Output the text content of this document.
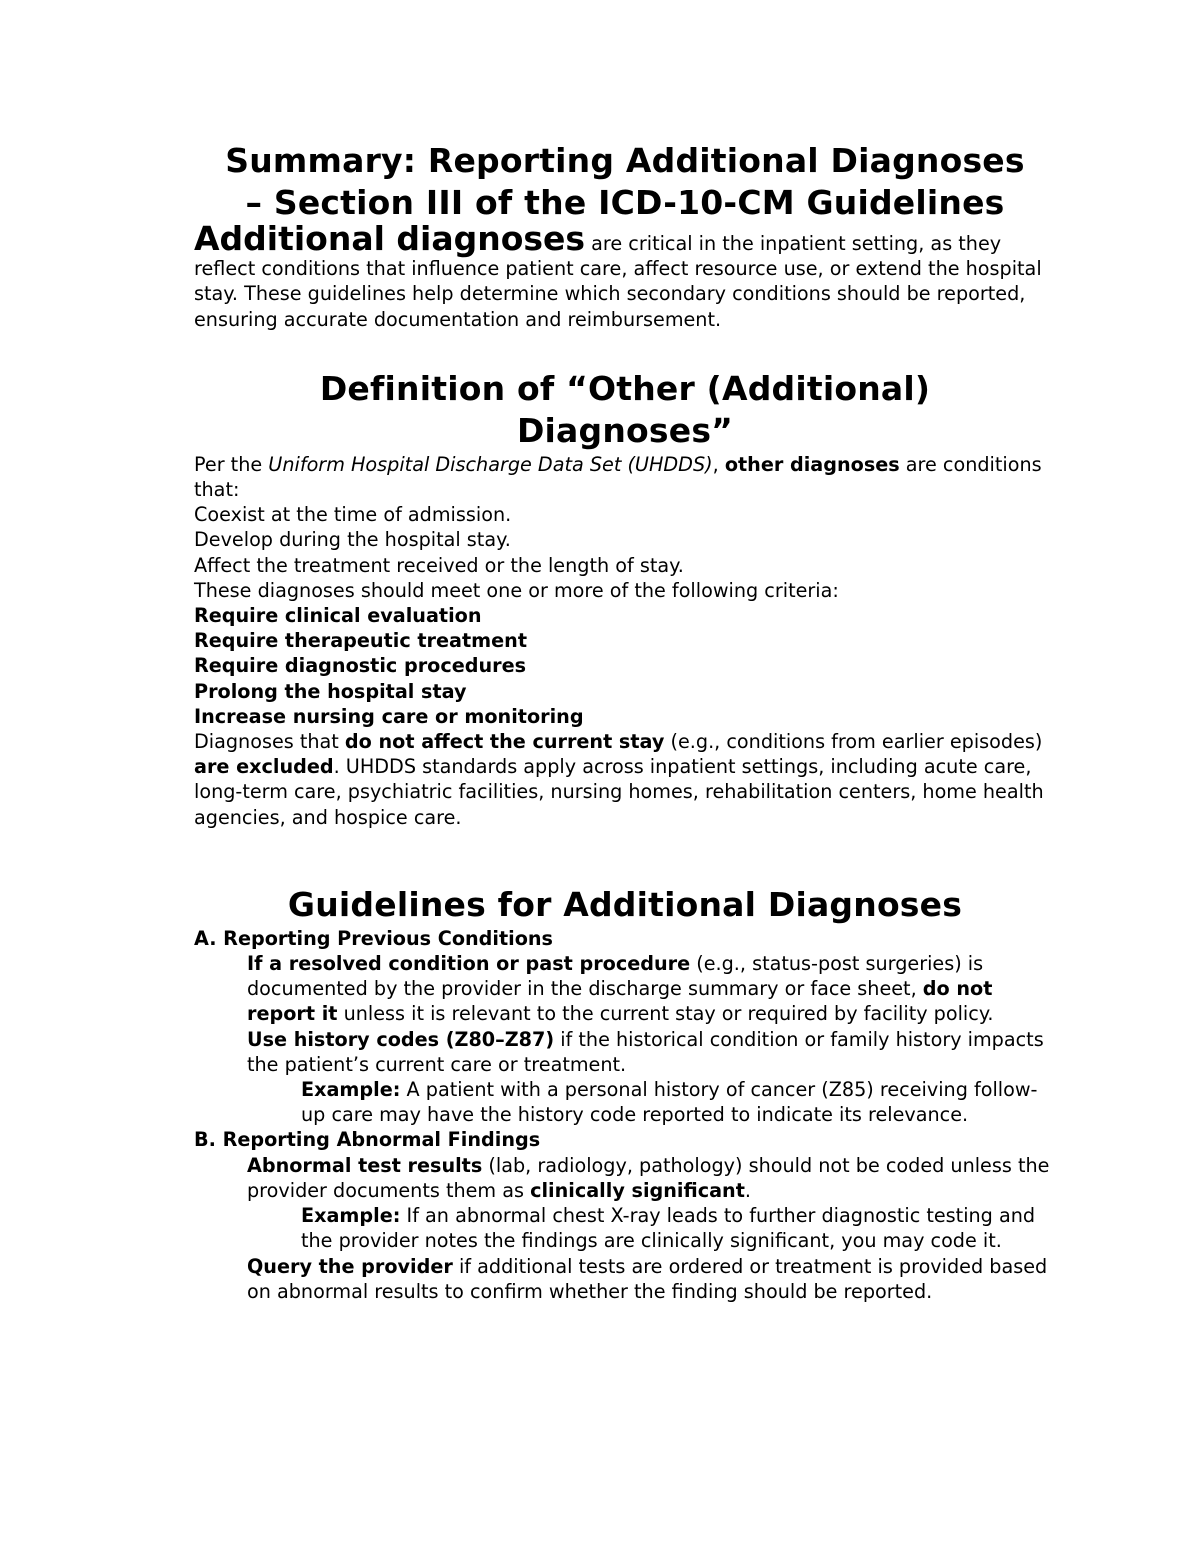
Summary: Reporting Additional Diagnoses
– Section III of the ICD-10-CM Guidelines

Additional diagnoses are critical in the inpatient setting, as they reflect conditions that influence patient care, affect resource use, or extend the hospital stay. These guidelines help determine which secondary conditions should be reported, ensuring accurate documentation and reimbursement.

Definition of “Other (Additional)
Diagnoses”

Per the Uniform Hospital Discharge Data Set (UHDDS), other diagnoses are conditions that:

Coexist at the time of admission.
Develop during the hospital stay.
Affect the treatment received or the length of stay.

These diagnoses should meet one or more of the following criteria:

Require clinical evaluation
Require therapeutic treatment
Require diagnostic procedures
Prolong the hospital stay
Increase nursing care or monitoring

Diagnoses that do not affect the current stay (e.g., conditions from earlier episodes) are excluded. UHDDS standards apply across inpatient settings, including acute care, long-term care, psychiatric facilities, nursing homes, rehabilitation centers, home health agencies, and hospice care.

Guidelines for Additional Diagnoses

A. Reporting Previous Conditions

If a resolved condition or past procedure (e.g., status-post surgeries) is documented by the provider in the discharge summary or face sheet, do not report it unless it is relevant to the current stay or required by facility policy.

Use history codes (Z80–Z87) if the historical condition or family history impacts the patient’s current care or treatment.

Example: A patient with a personal history of cancer (Z85) receiving follow-up care may have the history code reported to indicate its relevance.

B. Reporting Abnormal Findings

Abnormal test results (lab, radiology, pathology) should not be coded unless the provider documents them as clinically significant.

Example: If an abnormal chest X-ray leads to further diagnostic testing and the provider notes the findings are clinically significant, you may code it.

Query the provider if additional tests are ordered or treatment is provided based on abnormal results to confirm whether the finding should be reported.
